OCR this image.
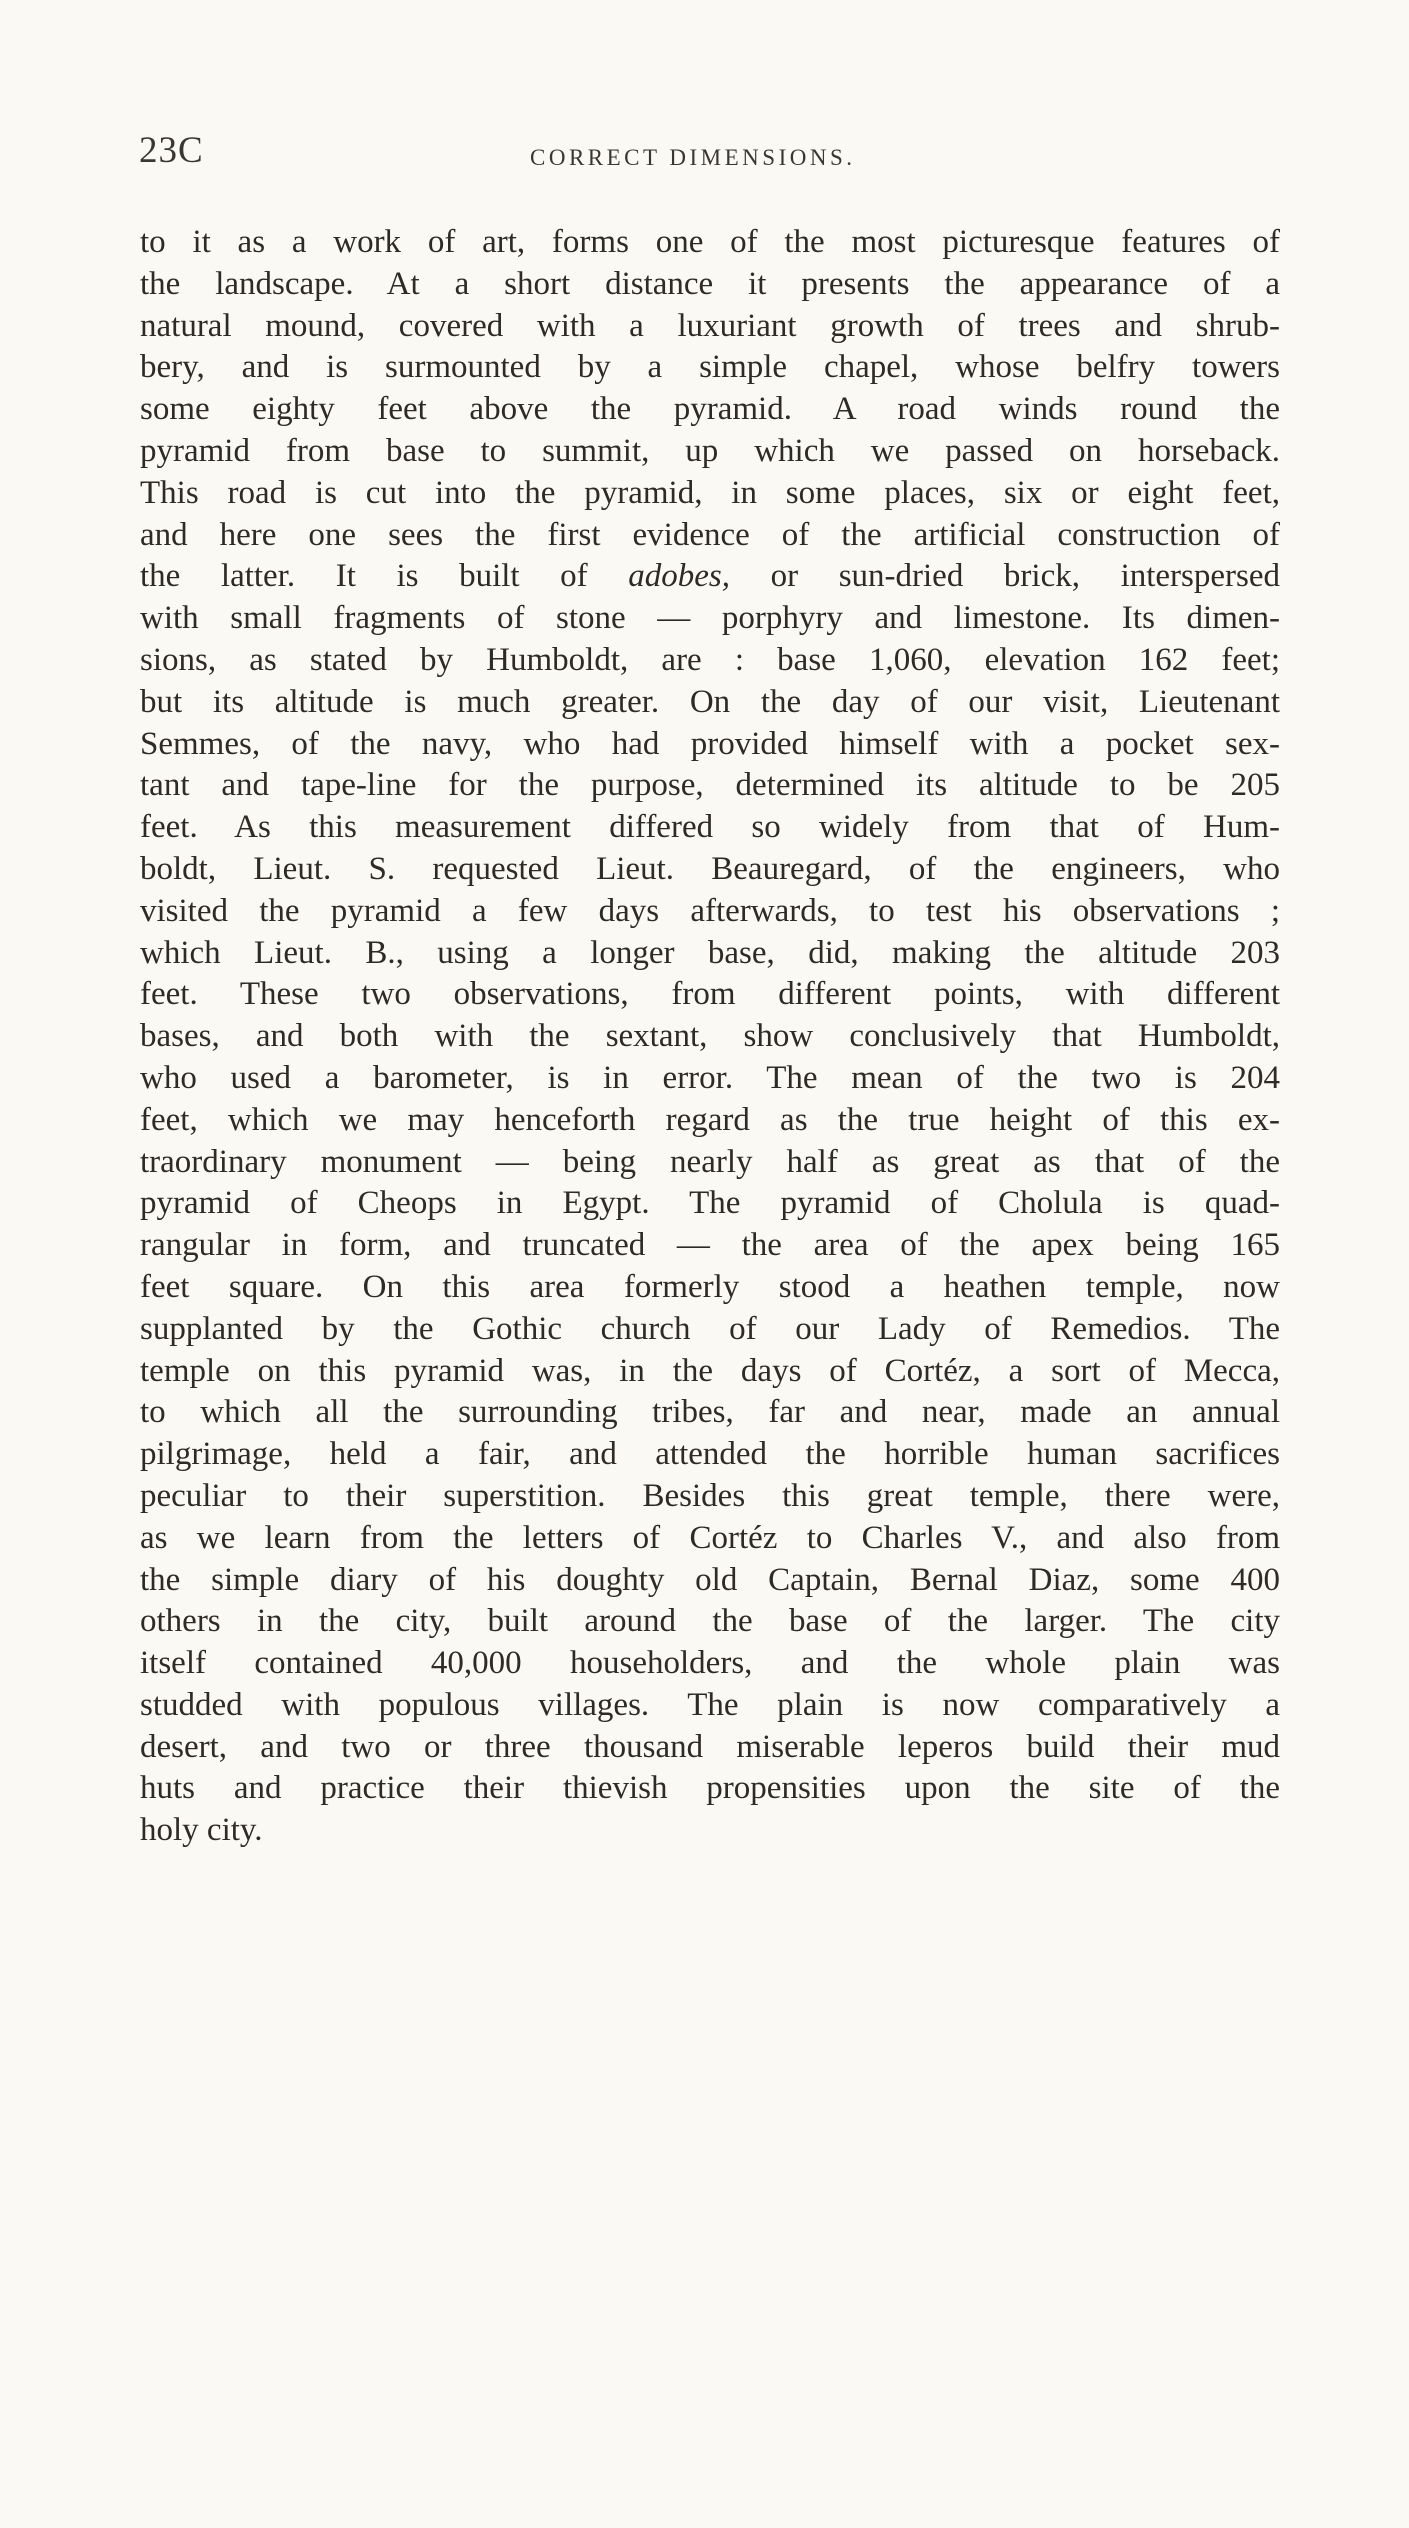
23C	CORRECT DIMENSIONS.
to it as a work of art, forms one of the most picturesque features of
the landscape. At a short distance it presents the appearance of a
natural mound, covered with a luxuriant growth of trees and shrub-
bery, and is surmounted by a simple chapel, whose belfry towers
some eighty feet above the pyramid. A road winds round the
pyramid from base to summit, up which we passed on horseback.
This road is cut into the pyramid, in some places, six or eight feet,
and here one sees the first evidence of the artificial construction of
the latter. It is built of adobes, or sun-dried brick, interspersed
with small fragments of stone — porphyry and limestone. Its dimen-
sions, as stated by Humboldt, are : base 1,060, elevation 162 feet;
but its altitude is much greater. On the day of our visit, Lieutenant
Semmes, of the navy, who had provided himself with a pocket sex-
tant and tape-line for the purpose, determined its altitude to be 205
feet. As this measurement differed so widely from that of Hum-
boldt, Lieut. S. requested Lieut. Beauregard, of the engineers, who
visited the pyramid a few days afterwards, to test his observations ;
which Lieut. B., using a longer base, did, making the altitude 203
feet. These two observations, from different points, with different
bases, and both with the sextant, show conclusively that Humboldt,
who used a barometer, is in error. The mean of the two is 204
feet, which we may henceforth regard as the true height of this ex-
traordinary monument — being nearly half as great as that of the
pyramid of Cheops in Egypt. The pyramid of Cholula is quad-
rangular in form, and truncated — the area of the apex being 165
feet square. On this area formerly stood a heathen temple, now
supplanted by the Gothic church of our Lady of Remedios. The
temple on this pyramid was, in the days of Cortéz, a sort of Mecca,
to which all the surrounding tribes, far and near, made an annual
pilgrimage, held a fair, and attended the horrible human sacrifices
peculiar to their superstition. Besides this great temple, there were,
as we learn from the letters of Cortéz to Charles V., and also from
the simple diary of his doughty old Captain, Bernal Diaz, some 400
others in the city, built around the base of the larger. The city
itself contained 40,000 householders, and the whole plain was
studded with populous villages. The plain is now comparatively a
desert, and two or three thousand miserable leperos build their mud
huts and practice their thievish propensities upon the site of the
holy city.
